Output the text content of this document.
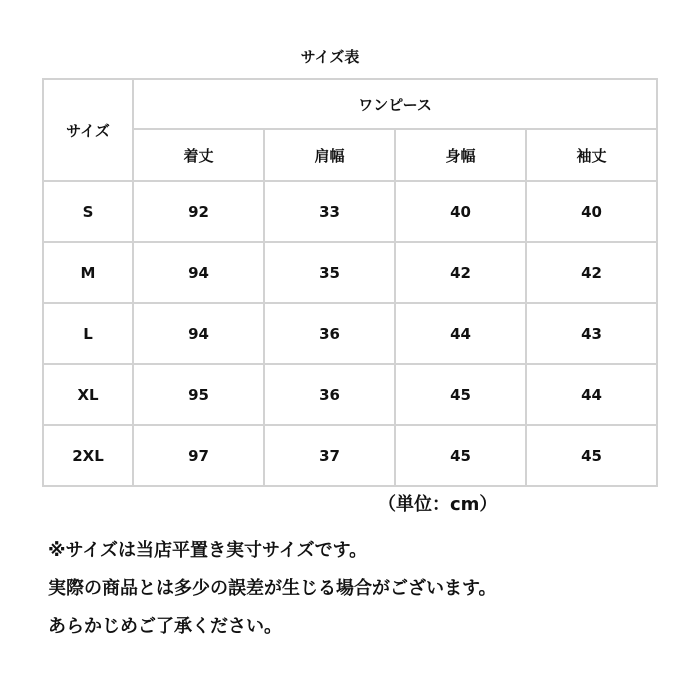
サイズ表
サイズ	ワンピース			
	着丈	肩幅	身幅	袖丈
S	92	33	40	40
M	94	35	42	42
L	94	36	44	43
XL	95	36	45	44
2XL	97	37	45	45
（単位：cm）
※サイズは当店平置き実寸サイズです。
実際の商品とは多少の誤差が生じる場合がございます。
あらかじめご了承ください。
